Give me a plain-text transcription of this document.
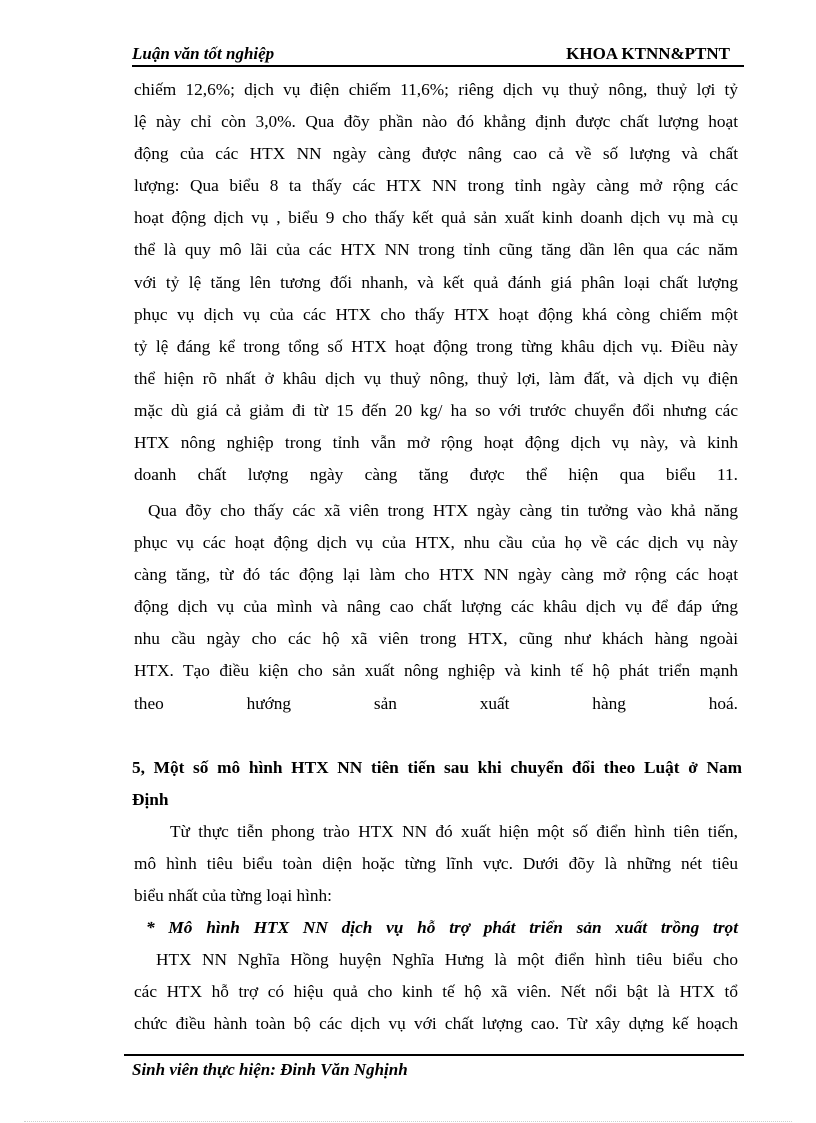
Luận văn tốt nghiệp	KHOA KTNN&PTNT
chiếm 12,6%; dịch vụ điện chiếm 11,6%; riêng dịch vụ thuỷ nông, thuỷ lợi tỷ
lệ này chỉ còn 3,0%. Qua đõy phần nào đó khẳng định được chất lượng hoạt
động của các HTX NN ngày càng được nâng cao cả về số lượng và chất
lượng: Qua biểu 8 ta thấy các HTX NN trong tỉnh ngày càng mở rộng các
hoạt động dịch vụ , biểu 9 cho thấy kết quả sản xuất kinh doanh dịch vụ mà cụ
thể là quy mô lãi của các HTX NN trong tỉnh cũng tăng dần lên qua các năm
với tỷ lệ tăng lên tương đối nhanh, và kết quả đánh giá phân loại chất lượng
phục vụ dịch vụ của các HTX cho thấy HTX hoạt động khá còng chiếm một
tỷ lệ đáng kể trong tổng số HTX hoạt động trong từng khâu dịch vụ. Điều này
thể hiện rõ nhất ở khâu dịch vụ thuỷ nông, thuỷ lợi, làm đất, và dịch vụ điện
mặc dù giá cả giảm đi từ 15 đến 20 kg/ ha so với trước chuyển đổi nhưng các
HTX nông nghiệp trong tỉnh vẫn mở rộng hoạt động dịch vụ này, và kinh
doanh chất lượng ngày càng tăng được thể hiện qua biểu 11.
Qua đõy cho thấy các xã viên trong HTX ngày càng tin tưởng vào khả năng
phục vụ các hoạt động dịch vụ của HTX, nhu cầu của họ về các dịch vụ này
càng tăng, từ đó tác động lại làm cho HTX NN ngày càng mở rộng các hoạt
động dịch vụ của mình và nâng cao chất lượng các khâu dịch vụ để đáp ứng
nhu cầu ngày cho các hộ xã viên trong HTX, cũng như khách hàng ngoài
HTX. Tạo điều kiện cho sản xuất nông nghiệp và kinh tế hộ phát triển mạnh
theo hướng sản xuất hàng hoá.
5, Một số mô hình HTX NN tiên tiến sau khi chuyển đổi theo Luật ở Nam
Định
Từ thực tiễn phong trào HTX NN đó xuất hiện một số điển hình tiên tiến,
mô hình tiêu biểu toàn diện hoặc từng lĩnh vực. Dưới đõy là những nét tiêu
biểu nhất của từng loại hình:
* Mô hình HTX NN dịch vụ hỗ trợ phát triển sản xuất trồng trọt
HTX NN Nghĩa Hồng huyện Nghĩa Hưng là một điển hình tiêu biểu cho
các HTX hỗ trợ có hiệu quả cho kinh tế hộ xã viên. Nết nổi bật là HTX tổ
chức điều hành toàn bộ các dịch vụ với chất lượng cao. Từ xây dựng kế hoạch
Sinh viên thực hiện: Đinh Văn Nghịnh
